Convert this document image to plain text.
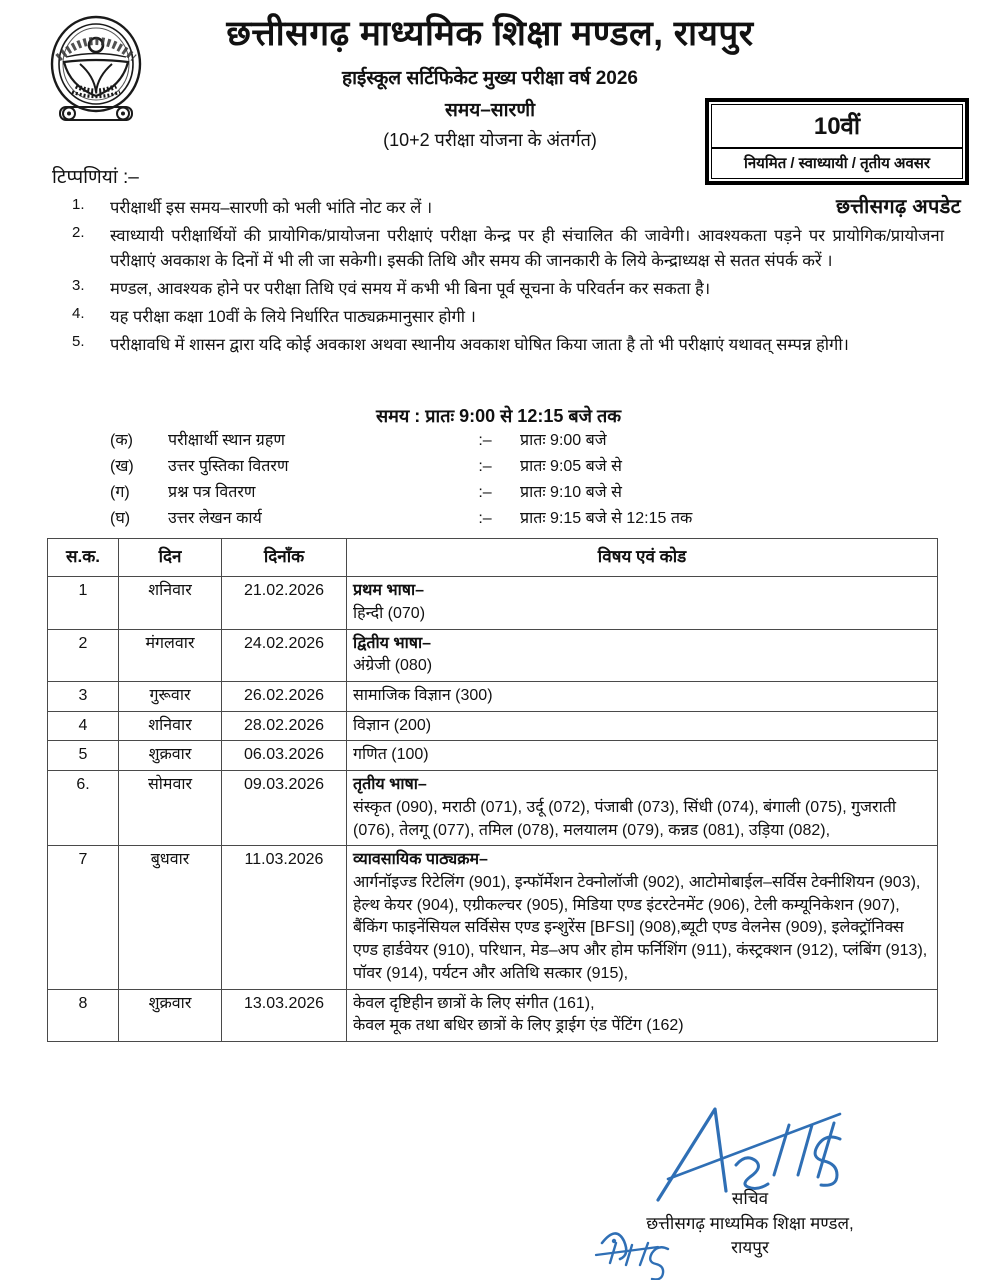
छत्तीसगढ़ माध्यमिक शिक्षा मण्डल, रायपुर
हाईस्कूल सर्टिफिकेट मुख्य परीक्षा वर्ष 2026
समय–सारणी
(10+2 परीक्षा योजना के अंतर्गत)
10वीं
नियमित / स्वाध्यायी / तृतीय अवसर
छत्तीसगढ़ अपडेट
टिप्पणियां :–
1.	परीक्षार्थी इस समय–सारणी को भली भांति नोट कर लें ।
2.	स्वाध्यायी परीक्षार्थियों की प्रायोगिक/प्रायोजना परीक्षाएं परीक्षा केन्द्र पर ही संचालित की जावेगी। आवश्यकता पड़ने पर प्रायोगिक/प्रायोजना परीक्षाएं अवकाश के दिनों में भी ली जा सकेगी। इसकी तिथि और समय की जानकारी के लिये केन्द्राध्यक्ष से सतत संपर्क करें ।
3.	मण्डल, आवश्यक होने पर परीक्षा तिथि एवं समय में कभी भी बिना पूर्व सूचना के परिवर्तन कर सकता है।
4.	यह परीक्षा कक्षा 10वीं के लिये निर्धारित पाठ्यक्रमानुसार होगी ।
5.	परीक्षावधि में शासन द्वारा यदि कोई अवकाश अथवा स्थानीय अवकाश घोषित किया जाता है तो भी परीक्षाएं यथावत् सम्पन्न होगी।
समय : प्रातः 9:00 से 12:15 बजे तक
(क)	परीक्षार्थी स्थान ग्रहण	:–	प्रातः 9:00 बजे
(ख)	उत्तर पुस्तिका वितरण	:–	प्रातः 9:05 बजे से
(ग)	प्रश्न पत्र वितरण	:–	प्रातः 9:10 बजे से
(घ)	उत्तर लेखन कार्य	:–	प्रातः 9:15 बजे से 12:15 तक
स.क.	दिन	दिनाँक	विषय एवं कोड
1	शनिवार	21.02.2026	प्रथम भाषा–
हिन्दी (070)

2	मंगलवार	24.02.2026	द्वितीय भाषा–
अंग्रेजी (080)

3	गुरूवार	26.02.2026	सामाजिक विज्ञान (300)

4	शनिवार	28.02.2026	विज्ञान (200)

5	शुक्रवार	06.03.2026	गणित (100)

6.	सोमवार	09.03.2026	तृतीय भाषा–
संस्कृत (090), मराठी (071), उर्दू (072), पंजाबी (073), सिंधी (074), बंगाली (075), गुजराती (076), तेलगू (077), तमिल (078), मलयालम (079), कन्नड (081), उड़िया (082),

7	बुधवार	11.03.2026	व्यावसायिक पाठ्यक्रम–
आर्गनॉइज्ड रिटेलिंग (901), इन्फॉर्मेशन टेक्नोलॉजी (902), आटोमोबाईल–सर्विस टेक्नीशियन (903), हेल्थ केयर (904), एग्रीकल्चर (905), मिडिया एण्ड इंटरटेनमेंट (906), टेली कम्यूनिकेशन (907), बैंकिंग फाइनेंसियल सर्विसेस एण्ड इन्शुरेंस [BFSI] (908),ब्यूटी एण्ड वेलनेस (909), इलेक्ट्रॉनिक्स एण्ड हार्डवेयर (910), परिधान, मेड–अप और होम फर्निशिंग (911), कंस्ट्रक्शन (912), प्लंबिंग (913), पॉवर (914), पर्यटन और अतिथि सत्कार (915),

8	शुक्रवार	13.03.2026	केवल दृष्टिहीन छात्रों के लिए संगीत (161),
केवल मूक तथा बधिर छात्रों के लिए ड्राईग एंड पेंटिंग (162)
सचिव
छत्तीसगढ़ माध्यमिक शिक्षा मण्डल,
रायपुर
